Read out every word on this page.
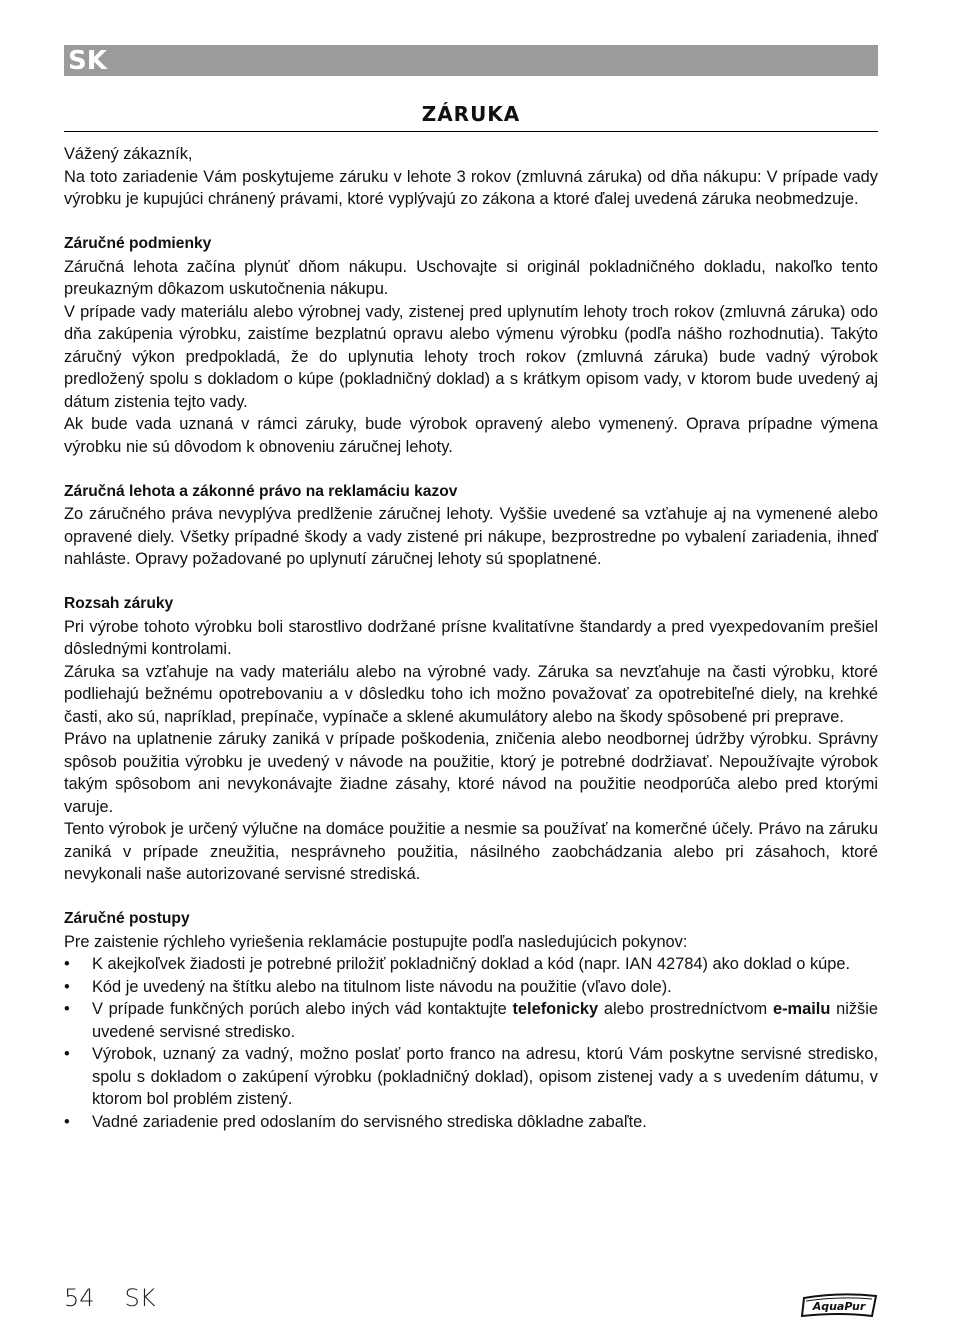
SK
ZÁRUKA

Vážený zákazník,

Na toto zariadenie Vám poskytujeme záruku v lehote 3 rokov (zmluvná záruka) od dňa nákupu: V prípade vady výrobku je kupujúci chránený právami, ktoré vyplývajú zo zákona a ktoré ďalej uvedená záruka neobmedzuje.

Záručné podmienky

Záručná lehota začína plynúť dňom nákupu. Uschovajte si originál pokladničného dokladu, nakoľko tento preukazným dôkazom uskutočnenia nákupu.

V prípade vady materiálu alebo výrobnej vady, zistenej pred uplynutím lehoty troch rokov (zmluvná záruka) odo dňa zakúpenia výrobku, zaistíme bezplatnú opravu alebo výmenu výrobku (podľa nášho rozhodnutia). Takýto záručný výkon predpokladá, že do uplynutia lehoty troch rokov (zmluvná záruka) bude vadný výrobok predložený spolu s dokladom o kúpe (pokladničný doklad) a s krátkym opisom vady, v ktorom bude uvedený aj dátum zistenia tejto vady.

Ak bude vada uznaná v rámci záruky, bude výrobok opravený alebo vymenený. Oprava prípadne výmena výrobku nie sú dôvodom k obnoveniu záručnej lehoty.

Záručná lehota a zákonné právo na reklamáciu kazov

Zo záručného práva nevyplýva predlženie záručnej lehoty. Vyššie uvedené sa vzťahuje aj na vymenené alebo opravené diely. Všetky prípadné škody a vady zistené pri nákupe, bezprostredne po vybalení zariadenia, ihneď nahláste. Opravy požadované po uplynutí záručnej lehoty sú spoplatnené.

Rozsah záruky

Pri výrobe tohoto výrobku boli starostlivo dodržané prísne kvalitatívne štandardy a pred vyexpedovaním prešiel dôslednými kontrolami.

Záruka sa vzťahuje na vady materiálu alebo na výrobné vady. Záruka sa nevzťahuje na časti výrobku, ktoré podliehajú bežnému opotrebovaniu a v dôsledku toho ich možno považovať za opotrebiteľné diely, na krehké časti, ako sú, napríklad, prepínače, vypínače a sklené akumulátory alebo na škody spôsobené pri preprave.

Právo na uplatnenie záruky zaniká v prípade poškodenia, zničenia alebo neodbornej údržby výrobku. Správny spôsob použitia výrobku je uvedený v návode na použitie, ktorý je potrebné dodržiavať. Nepoužívajte výrobok takým spôsobom ani nevykonávajte žiadne zásahy, ktoré návod na použitie neodporúča alebo pred ktorými varuje.

Tento výrobok je určený výlučne na domáce použitie a nesmie sa používať na komerčné účely. Právo na záruku zaniká v prípade zneužitia, nesprávneho použitia, násilného zaobchádzania alebo pri zásahoch, ktoré nevykonali naše autorizované servisné strediská.

Záručné postupy

Pre zaistenie rýchleho vyriešenia reklamácie postupujte podľa nasledujúcich pokynov:

• K akejkoľvek žiadosti je potrebné priložiť pokladničný doklad a kód (napr. IAN 42784) ako doklad o kúpe.
• Kód je uvedený na štítku alebo na titulnom liste návodu na použitie (vľavo dole).
• V prípade funkčných porúch alebo iných vád kontaktujte telefonicky alebo prostredníctvom e-mailu nižšie uvedené servisné stredisko.
• Výrobok, uznaný za vadný, možno poslať porto franco na adresu, ktorú Vám poskytne servisné stredisko, spolu s dokladom o zakúpení výrobku (pokladničný doklad), opisom zistenej vady a s uvedením dátumu, v ktorom bol problém zistený.
• Vadné zariadenie pred odoslaním do servisného strediska dôkladne zabaľte.
54 SK	AquaPur
